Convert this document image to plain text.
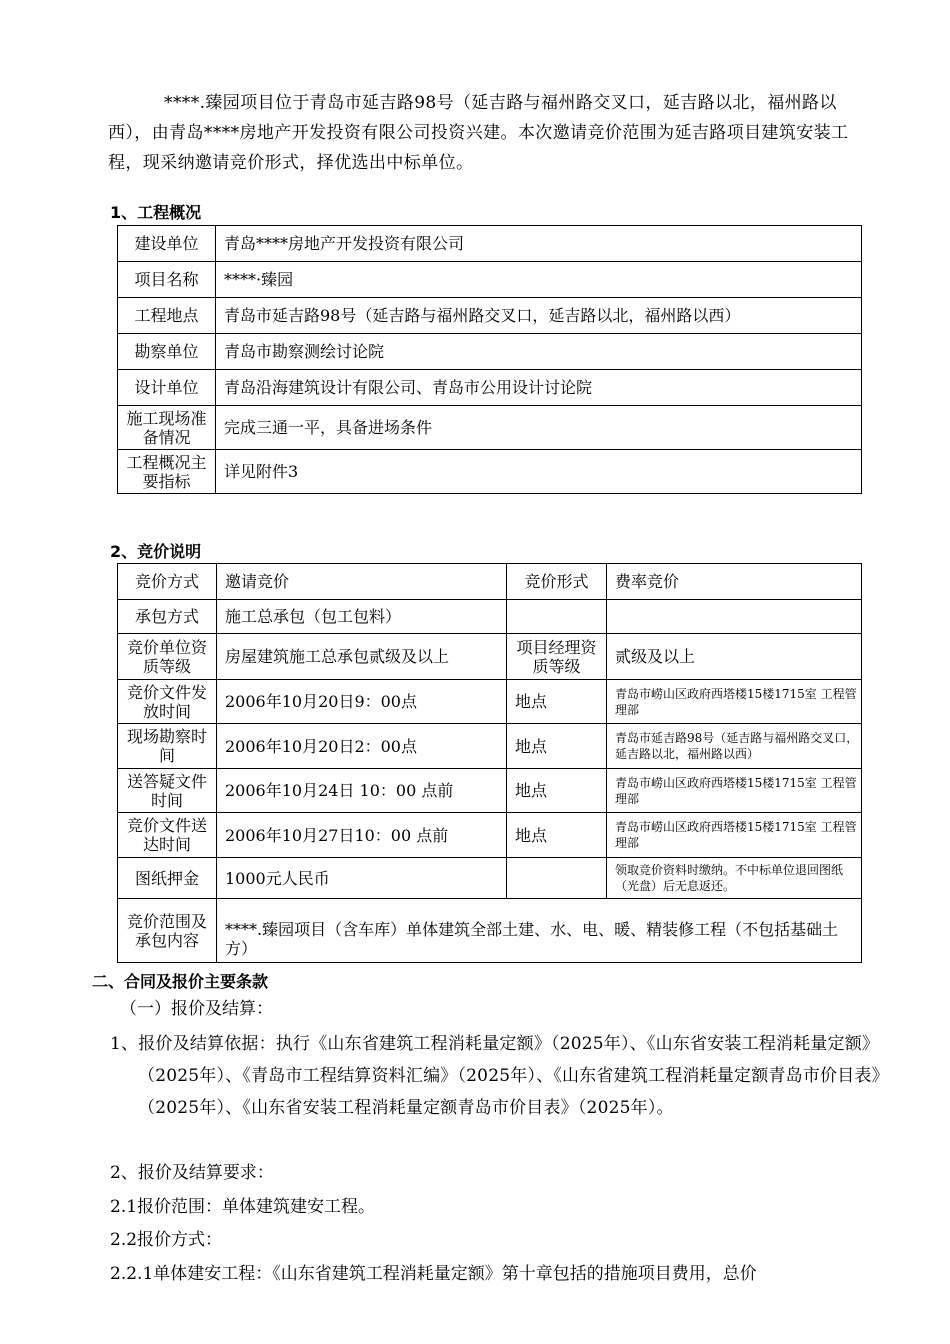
****.臻园项目位于青岛市延吉路98号（延吉路与福州路交叉口，延吉路以北，福州路以西），由青岛****房地产开发投资有限公司投资兴建。本次邀请竞价范围为延吉路项目建筑安装工程，现采纳邀请竞价形式，择优选出中标单位。

1、工程概况

建设单位	青岛****房地产开发投资有限公司
项目名称	****·臻园
工程地点	青岛市延吉路98号（延吉路与福州路交叉口，延吉路以北，福州路以西）
勘察单位	青岛市勘察测绘讨论院
设计单位	青岛沿海建筑设计有限公司、青岛市公用设计讨论院
施工现场准备情况	完成三通一平，具备进场条件
工程概况主要指标	详见附件3

2、竞价说明

竞价方式	邀请竞价	竞价形式	费率竞价
承包方式	施工总承包（包工包料）		
竞价单位资质等级	房屋建筑施工总承包贰级及以上	项目经理资质等级	贰级及以上
竞价文件发放时间	2006年10月20日9：00点	地点	青岛市崂山区政府西塔楼15楼1715室 工程管理部
现场勘察时间	2006年10月20日2：00点	地点	青岛市延吉路98号（延吉路与福州路交叉口，延吉路以北，福州路以西）
送答疑文件时间	2006年10月24日 10：00 点前	地点	青岛市崂山区政府西塔楼15楼1715室 工程管理部
竞价文件送达时间	2006年10月27日10：00 点前	地点	青岛市崂山区政府西塔楼15楼1715室 工程管理部
图纸押金	1000元人民币		领取竞价资料时缴纳。不中标单位退回图纸（光盘）后无息返还。
竞价范围及承包内容	****.臻园项目（含车库）单体建筑全部土建、水、电、暖、精装修工程（不包括基础土方）		

二、合同及报价主要条款

（一）报价及结算：

1、报价及结算依据：执行《山东省建筑工程消耗量定额》（2025年）、《山东省安装工程消耗量定额》（2025年）、《青岛市工程结算资料汇编》（2025年）、《山东省建筑工程消耗量定额青岛市价目表》（2025年）、《山东省安装工程消耗量定额青岛市价目表》（2025年）。

2、报价及结算要求：

2.1报价范围：单体建筑建安工程。

2.2报价方式：

2.2.1单体建安工程：《山东省建筑工程消耗量定额》第十章包括的措施项目费用，总价
